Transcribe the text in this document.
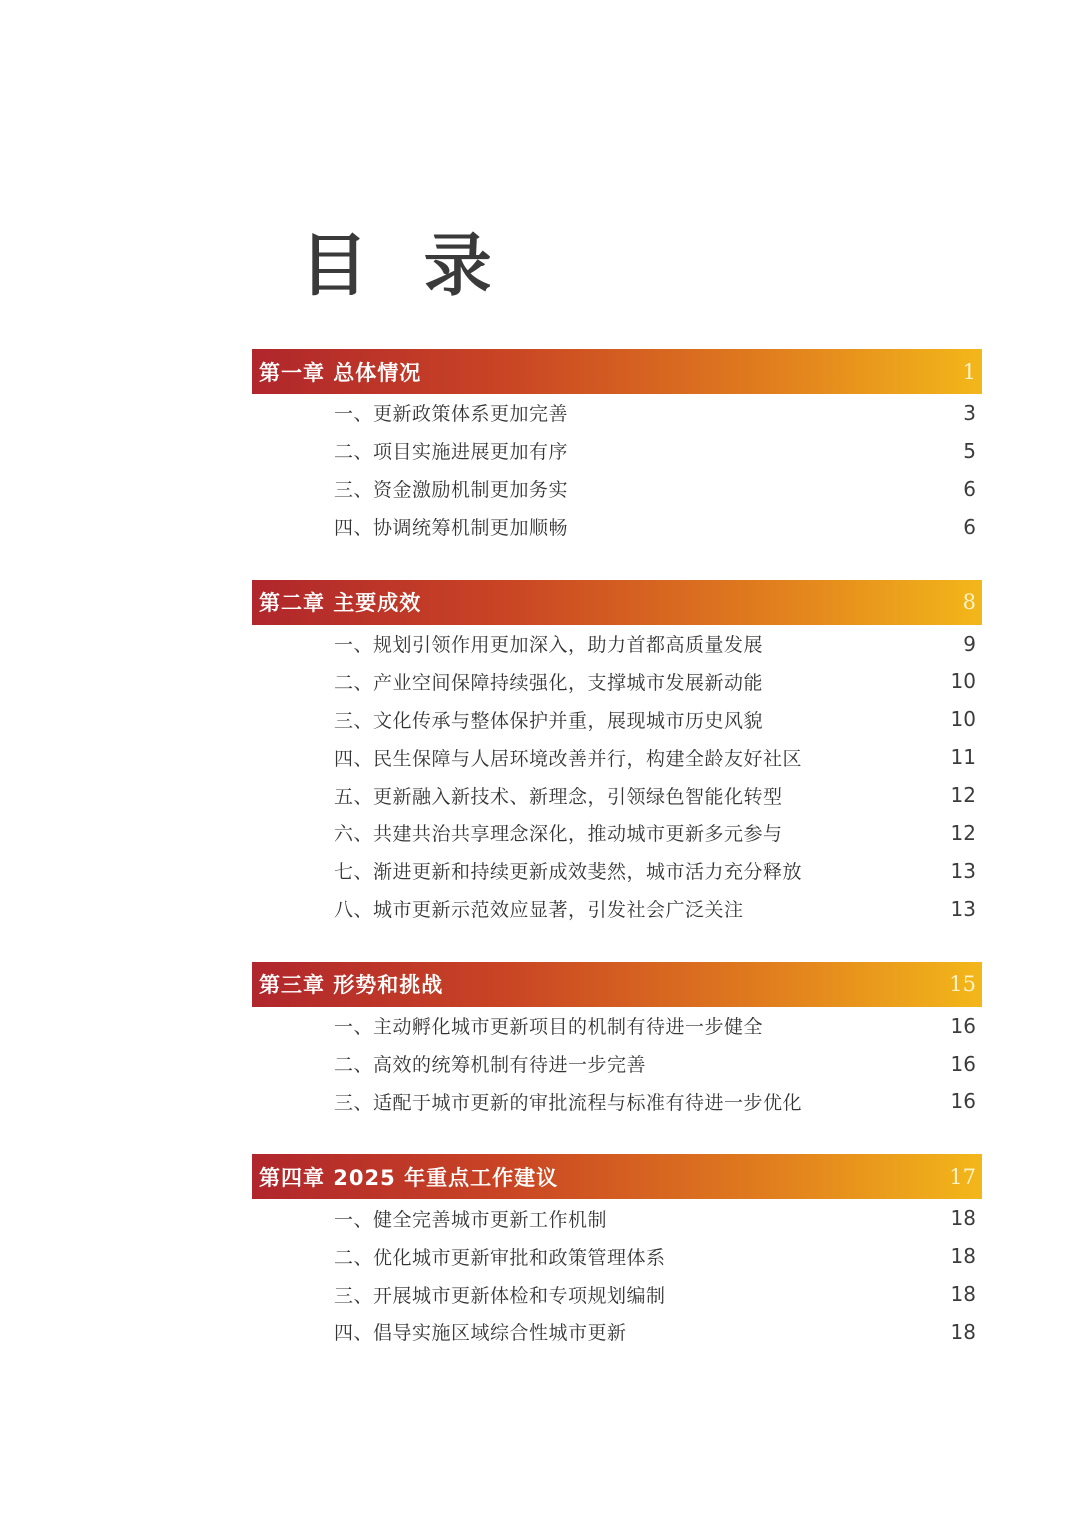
目 录
第一章 总体情况	1
一、更新政策体系更加完善	3
二、项目实施进展更加有序	5
三、资金激励机制更加务实	6
四、协调统筹机制更加顺畅	6
第二章 主要成效	8
一、规划引领作用更加深入，助力首都高质量发展	9
二、产业空间保障持续强化，支撑城市发展新动能	10
三、文化传承与整体保护并重，展现城市历史风貌	10
四、民生保障与人居环境改善并行，构建全龄友好社区	11
五、更新融入新技术、新理念，引领绿色智能化转型	12
六、共建共治共享理念深化，推动城市更新多元参与	12
七、渐进更新和持续更新成效斐然，城市活力充分释放	13
八、城市更新示范效应显著，引发社会广泛关注	13
第三章 形势和挑战	15
一、主动孵化城市更新项目的机制有待进一步健全	16
二、高效的统筹机制有待进一步完善	16
三、适配于城市更新的审批流程与标准有待进一步优化	16
第四章 2025 年重点工作建议	17
一、健全完善城市更新工作机制	18
二、优化城市更新审批和政策管理体系	18
三、开展城市更新体检和专项规划编制	18
四、倡导实施区域综合性城市更新	18
